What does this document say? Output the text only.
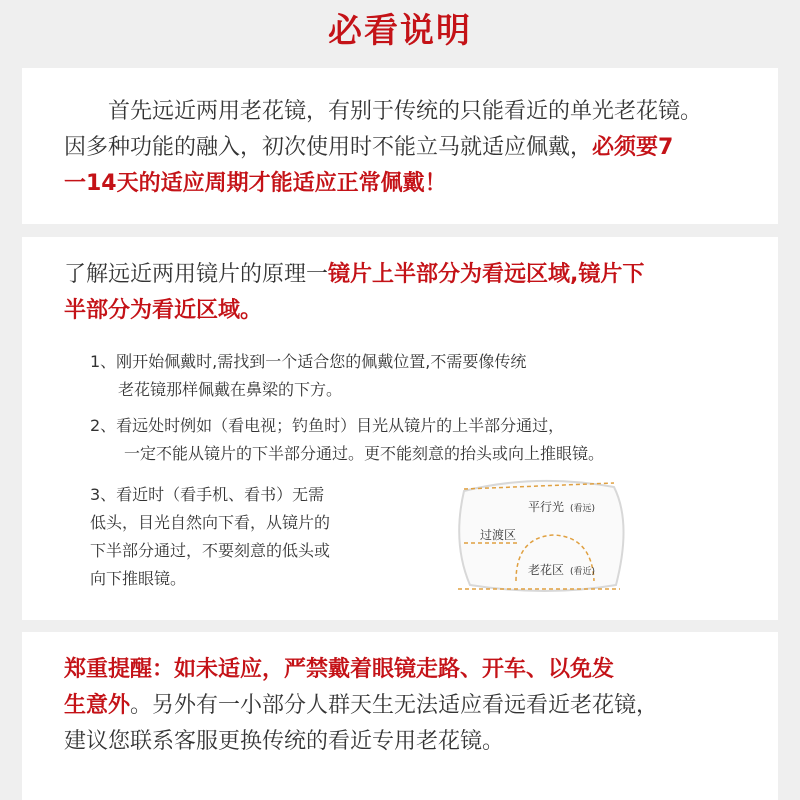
必看说明
首先远近两用老花镜，有别于传统的只能看近的单光老花镜。
因多种功能的融入，初次使用时不能立马就适应佩戴，必须要7
一14天的适应周期才能适应正常佩戴！
了解远近两用镜片的原理一镜片上半部分为看远区域,镜片下
半部分为看近区域。
1、刚开始佩戴时,需找到一个适合您的佩戴位置,不需要像传统
老花镜那样佩戴在鼻梁的下方。
2、看远处时例如（看电视；钓鱼时）目光从镜片的上半部分通过，
一定不能从镜片的下半部分通过。更不能刻意的抬头或向上推眼镜。
3、看近时（看手机、看书）无需
低头，目光自然向下看，从镜片的
下半部分通过，不要刻意的低头或
向下推眼镜。
平行光 (看远)
过渡区
老花区 (看近)
郑重提醒：如未适应，严禁戴着眼镜走路、开车、以免发
生意外。另外有一小部分人群天生无法适应看远看近老花镜，
建议您联系客服更换传统的看近专用老花镜。
